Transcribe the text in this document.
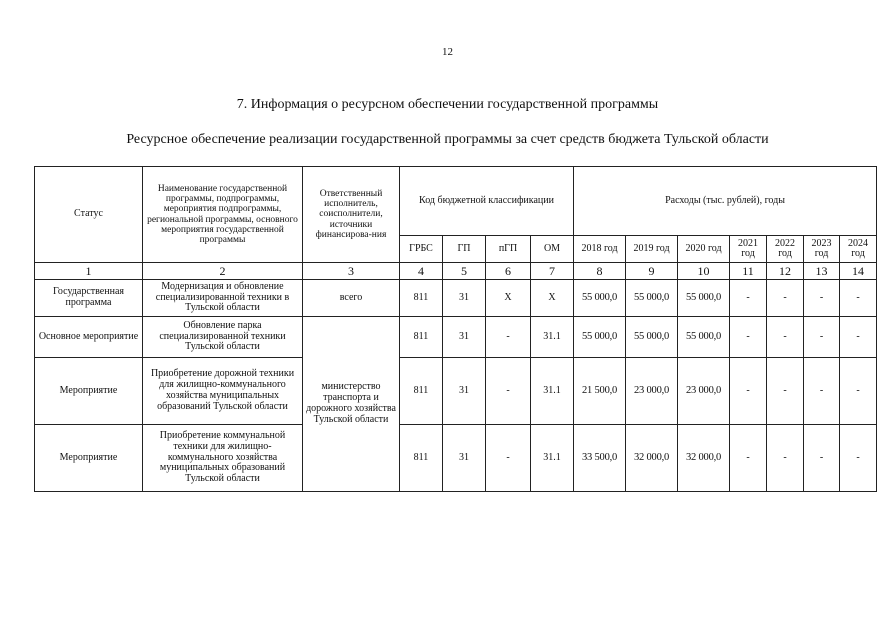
12
7. Информация о ресурсном обеспечении государственной программы
Ресурсное обеспечение реализации государственной программы за счет средств бюджета Тульской области
Статус	Наименование государственной программы, подпрограммы, мероприятия подпрограммы, региональной программы, основного мероприятия государственной программы	Ответственный исполнитель, соисполнители, источники финансирова-ния	Код бюджетной классификации				Расходы (тыс. рублей), годы						
			ГРБС	ГП	пГП	ОМ	2018 год	2019 год	2020 год	2021 год	2022 год	2023 год	2024 год
1	2	3	4	5	6	7	8	9	10	11	12	13	14
Государственная программа	Модернизация и обновление специализированной техники в Тульской области	всего	811	31	Х	Х	55 000,0	55 000,0	55 000,0	-	-	-	-
Основное мероприятие	Обновление парка специализированной техники Тульской области	министерство транспорта и дорожного хозяйства Тульской области	811	31	-	31.1	55 000,0	55 000,0	55 000,0	-	-	-	-
Мероприятие	Приобретение дорожной техники для жилищно-коммунального хозяйства муниципальных образований Тульской области		811	31	-	31.1	21 500,0	23 000,0	23 000,0	-	-	-	-
Мероприятие	Приобретение коммунальной техники для жилищно-коммунального хозяйства муниципальных образований Тульской области		811	31	-	31.1	33 500,0	32 000,0	32 000,0	-	-	-	-
